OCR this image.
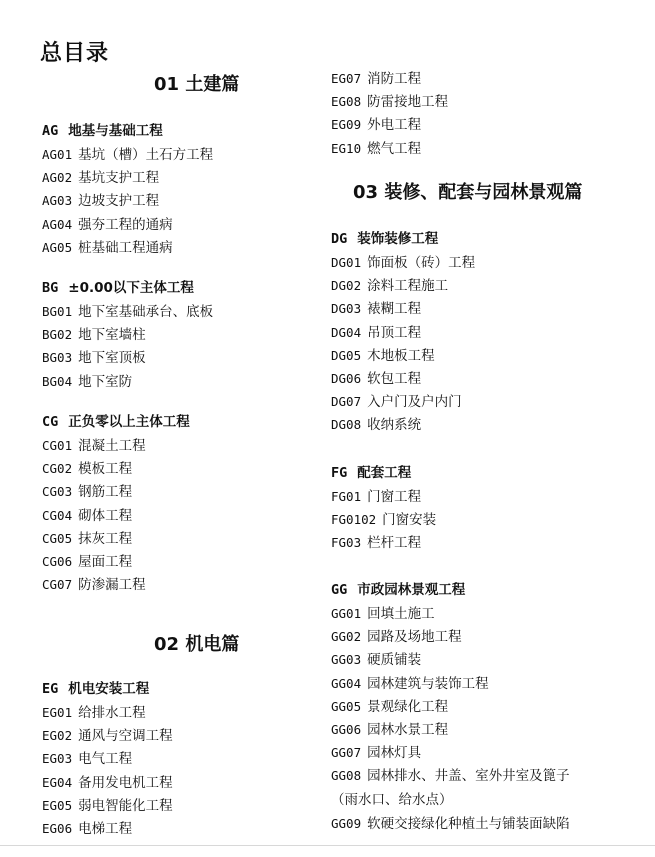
总目录
01 土建篇
AG 地基与基础工程
AG01 基坑（槽）土石方工程
AG02 基坑支护工程
AG03 边坡支护工程
AG04 强夯工程的通病
AG05 桩基础工程通病
BG ±0.00以下主体工程
BG01 地下室基础承台、底板
BG02 地下室墙柱
BG03 地下室顶板
BG04 地下室防
CG 正负零以上主体工程
CG01 混凝土工程
CG02 模板工程
CG03 钢筋工程
CG04 砌体工程
CG05 抹灰工程
CG06 屋面工程
CG07 防渗漏工程
02 机电篇
EG 机电安装工程
EG01 给排水工程
EG02 通风与空调工程
EG03 电气工程
EG04 备用发电机工程
EG05 弱电智能化工程
EG06 电梯工程
EG07 消防工程
EG08 防雷接地工程
EG09 外电工程
EG10 燃气工程
03 装修、配套与园林景观篇
DG 装饰装修工程
DG01 饰面板（砖）工程
DG02 涂料工程施工
DG03 裱糊工程
DG04 吊顶工程
DG05 木地板工程
DG06 软包工程
DG07 入户门及户内门
DG08 收纳系统
FG 配套工程
FG01 门窗工程
FG0102 门窗安装
FG03 栏杆工程
GG 市政园林景观工程
GG01 回填土施工
GG02 园路及场地工程
GG03 硬质铺装
GG04 园林建筑与装饰工程
GG05 景观绿化工程
GG06 园林水景工程
GG07 园林灯具
GG08 园林排水、井盖、室外井室及篦子
（雨水口、给水点）
GG09 软硬交接绿化种植土与铺装面缺陷
